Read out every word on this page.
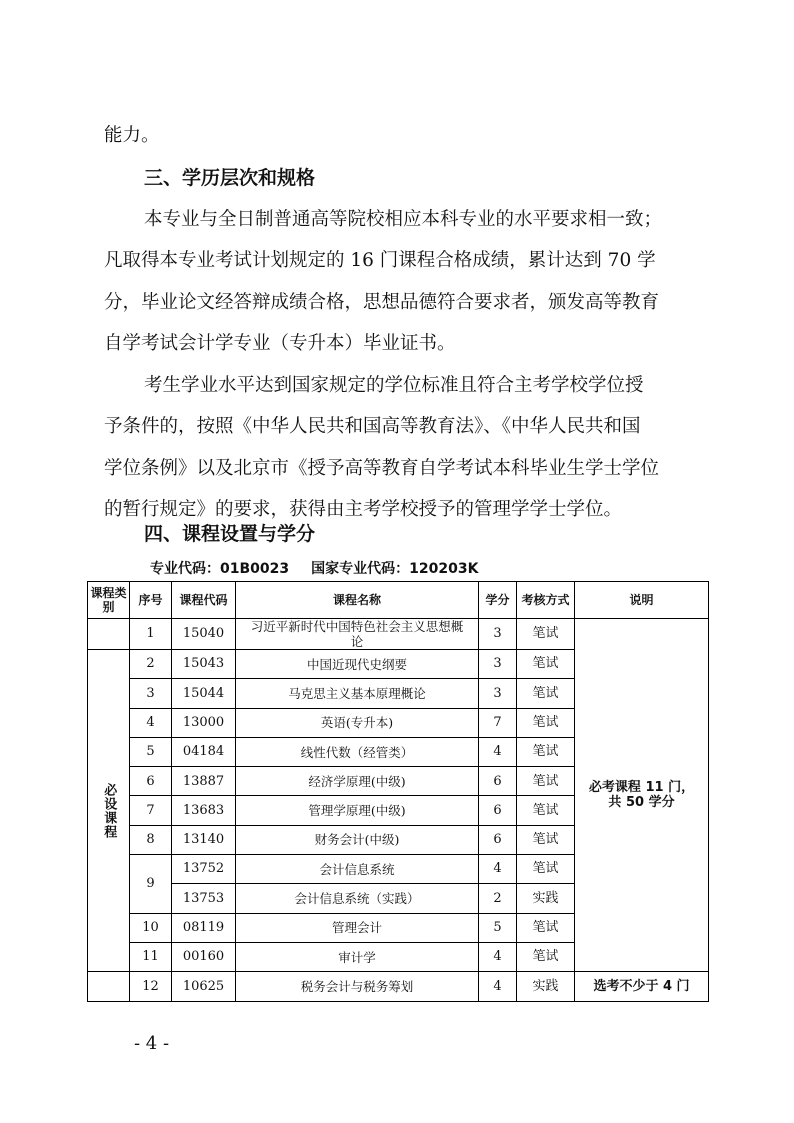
能力。
三、学历层次和规格
本专业与全日制普通高等院校相应本科专业的水平要求相一致；
凡取得本专业考试计划规定的 16 门课程合格成绩，累计达到 70 学
分，毕业论文经答辩成绩合格，思想品德符合要求者，颁发高等教育
自学考试会计学专业（专升本）毕业证书。
考生学业水平达到国家规定的学位标准且符合主考学校学位授
予条件的，按照《中华人民共和国高等教育法》、《中华人民共和国
学位条例》以及北京市《授予高等教育自学考试本科毕业生学士学位
的暂行规定》的要求，获得由主考学校授予的管理学学士学位。
四、课程设置与学分
专业代码：01B0023 国家专业代码：120203K
课程类别	序号	课程代码	课程名称	学分	考核方式	说明
	1	15040	习近平新时代中国特色社会主义思想概论	3	笔试	必考课程 11 门，共 50 学分
必设课程	2	15043	中国近现代史纲要	3	笔试	
	3	15044	马克思主义基本原理概论	3	笔试	
	4	13000	英语(专升本)	7	笔试	
	5	04184	线性代数（经管类）	4	笔试	
	6	13887	经济学原理(中级)	6	笔试	
	7	13683	管理学原理(中级)	6	笔试	
	8	13140	财务会计(中级)	6	笔试	
	9	13752	会计信息系统	4	笔试	
		13753	会计信息系统（实践）	2	实践	
	10	08119	管理会计	5	笔试	
	11	00160	审计学	4	笔试	
	12	10625	税务会计与税务筹划	4	实践	选考不少于 4 门
- 4 -
